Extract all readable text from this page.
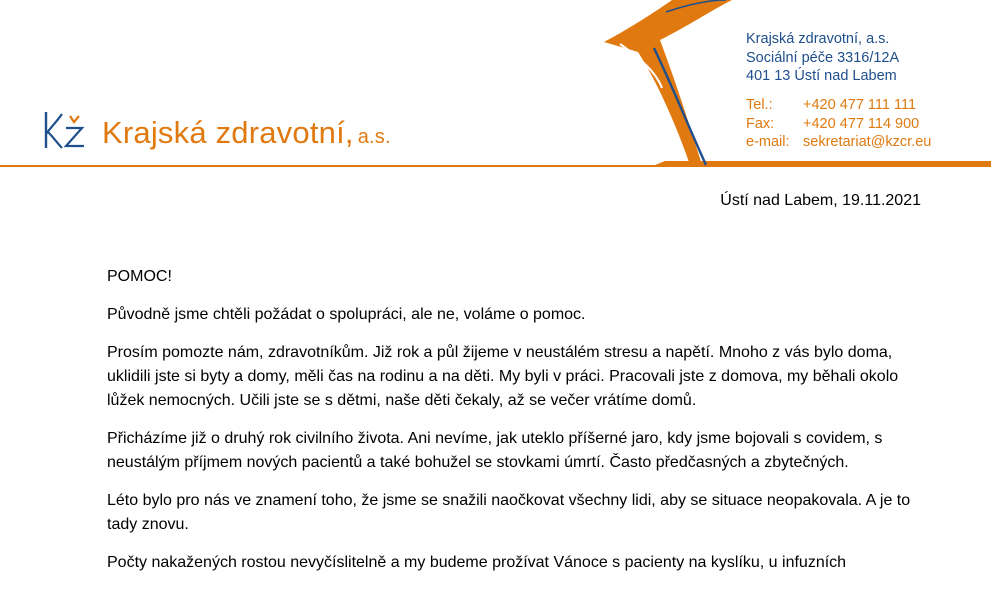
Krajská zdravotní, a.s.
Krajská zdravotní, a.s.
Sociální péče 3316/12A
401 13 Ústí nad Labem
Tel.:	+420 477 111 111
Fax:	+420 477 114 900
e-mail: sekretariat@kzcr.eu
Ústí nad Labem, 19.11.2021

POMOC!

Původně jsme chtěli požádat o spolupráci, ale ne, voláme o pomoc.

Prosím pomozte nám, zdravotníkům. Již rok a půl žijeme v neustálém stresu a napětí. Mnoho z vás bylo doma, uklidili jste si byty a domy, měli čas na rodinu a na děti. My byli v práci. Pracovali jste z domova, my běhali okolo lůžek nemocných. Učili jste se s dětmi, naše děti čekaly, až se večer vrátíme domů.

Přicházíme již o druhý rok civilního života. Ani nevíme, jak uteklo příšerné jaro, kdy jsme bojovali s covidem, s neustálým příjmem nových pacientů a také bohužel se stovkami úmrtí. Často předčasných a zbytečných.

Léto bylo pro nás ve znamení toho, že jsme se snažili naočkovat všechny lidi, aby se situace neopakovala. A je to tady znovu.

Počty nakažených rostou nevyčíslitelně a my budeme prožívat Vánoce s pacienty na kyslíku, u infuzních
